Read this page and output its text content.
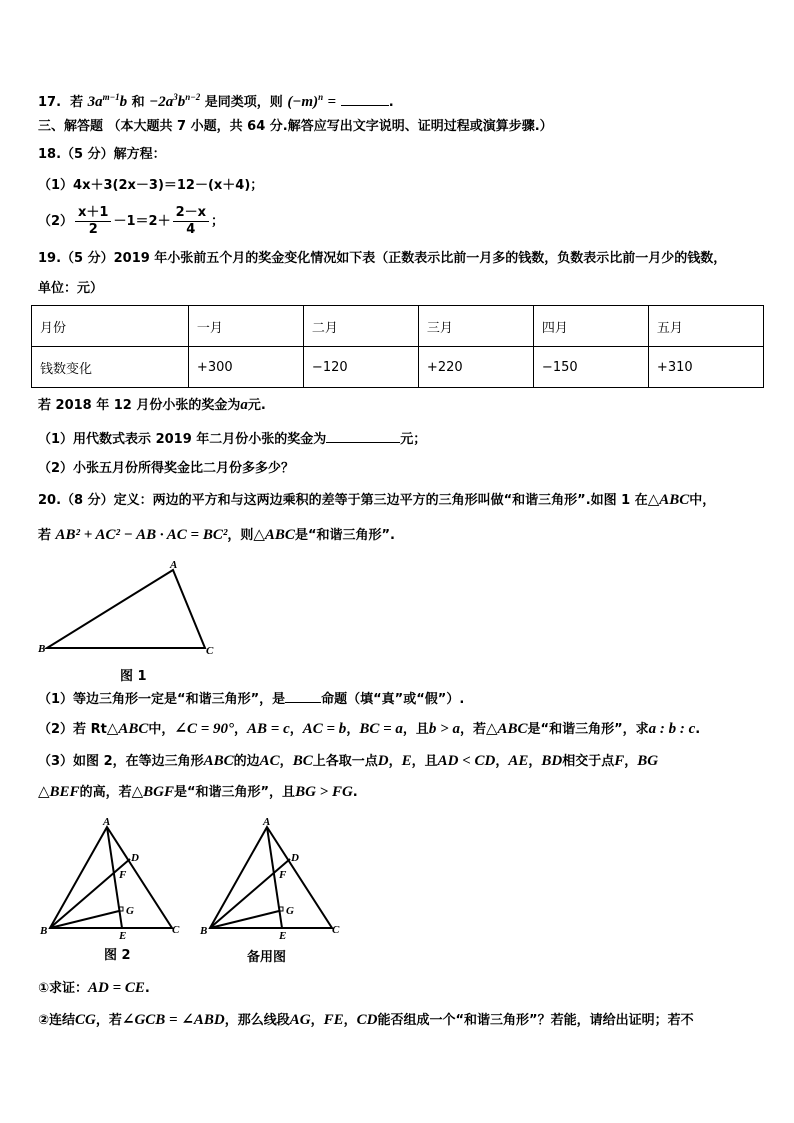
17. 若 $3a^{m-1}b$ 和 $-2a^3b^{n-2}$ 是同类项，则 $(-m)^n$ =	.
三、解答题 （本大题共 7 小题，共 64 分.解答应写出文字说明、证明过程或演算步骤.）
18.（5 分）解方程：
（1）4x＋3(2x－3)＝12－(x＋4)；
$(2) \frac{x+1}{2} -1=2+ \frac{2-x}{4}$ ；
19.（5 分）2019 年小张前五个月的奖金变化情况如下表（正数表示比前一月多的钱数，负数表示比前一月少的钱数，
单位：元）
月份	一月	二月	三月	四月	五月
钱数变化	+300	−120	+220	−150	+310
若 2018 年 12 月份小张的奖金为a元.
（1）用代数式表示 2019 年二月份小张的奖金为	元；
（2）小张五月份所得奖金比二月份多多少？
20.（8 分）定义：两边的平方和与这两边乘积的差等于第三边平方的三角形叫做“和谐三角形”.如图 1 在△ABC中，
若 AB² + AC² − AB · AC = BC²，则△ABC是“和谐三角形”.
A
B	C
图 1
（1）等边三角形一定是“和谐三角形”，是	命题（填“真”或“假”）.
（2）若 Rt△ABC中，∠C = 90°，AB = c，AC = b，BC = a，且b > a，若△ABC是“和谐三角形”，求a : b : c.
（3）如图 2，在等边三角形ABC的边AC，BC上各取一点D，E，且AD < CD，AE，BD相交于点F，BG
△BEF的高，若△BGF是“和谐三角形”，且BG > FG.
A
D
F
G
B	E	C
图 2
A
D
F
G
B	E	C
备用图
①求证：AD = CE.
②连结CG，若∠GCB = ∠ABD，那么线段AG，FE，CD能否组成一个“和谐三角形”？若能，请给出证明；若不
